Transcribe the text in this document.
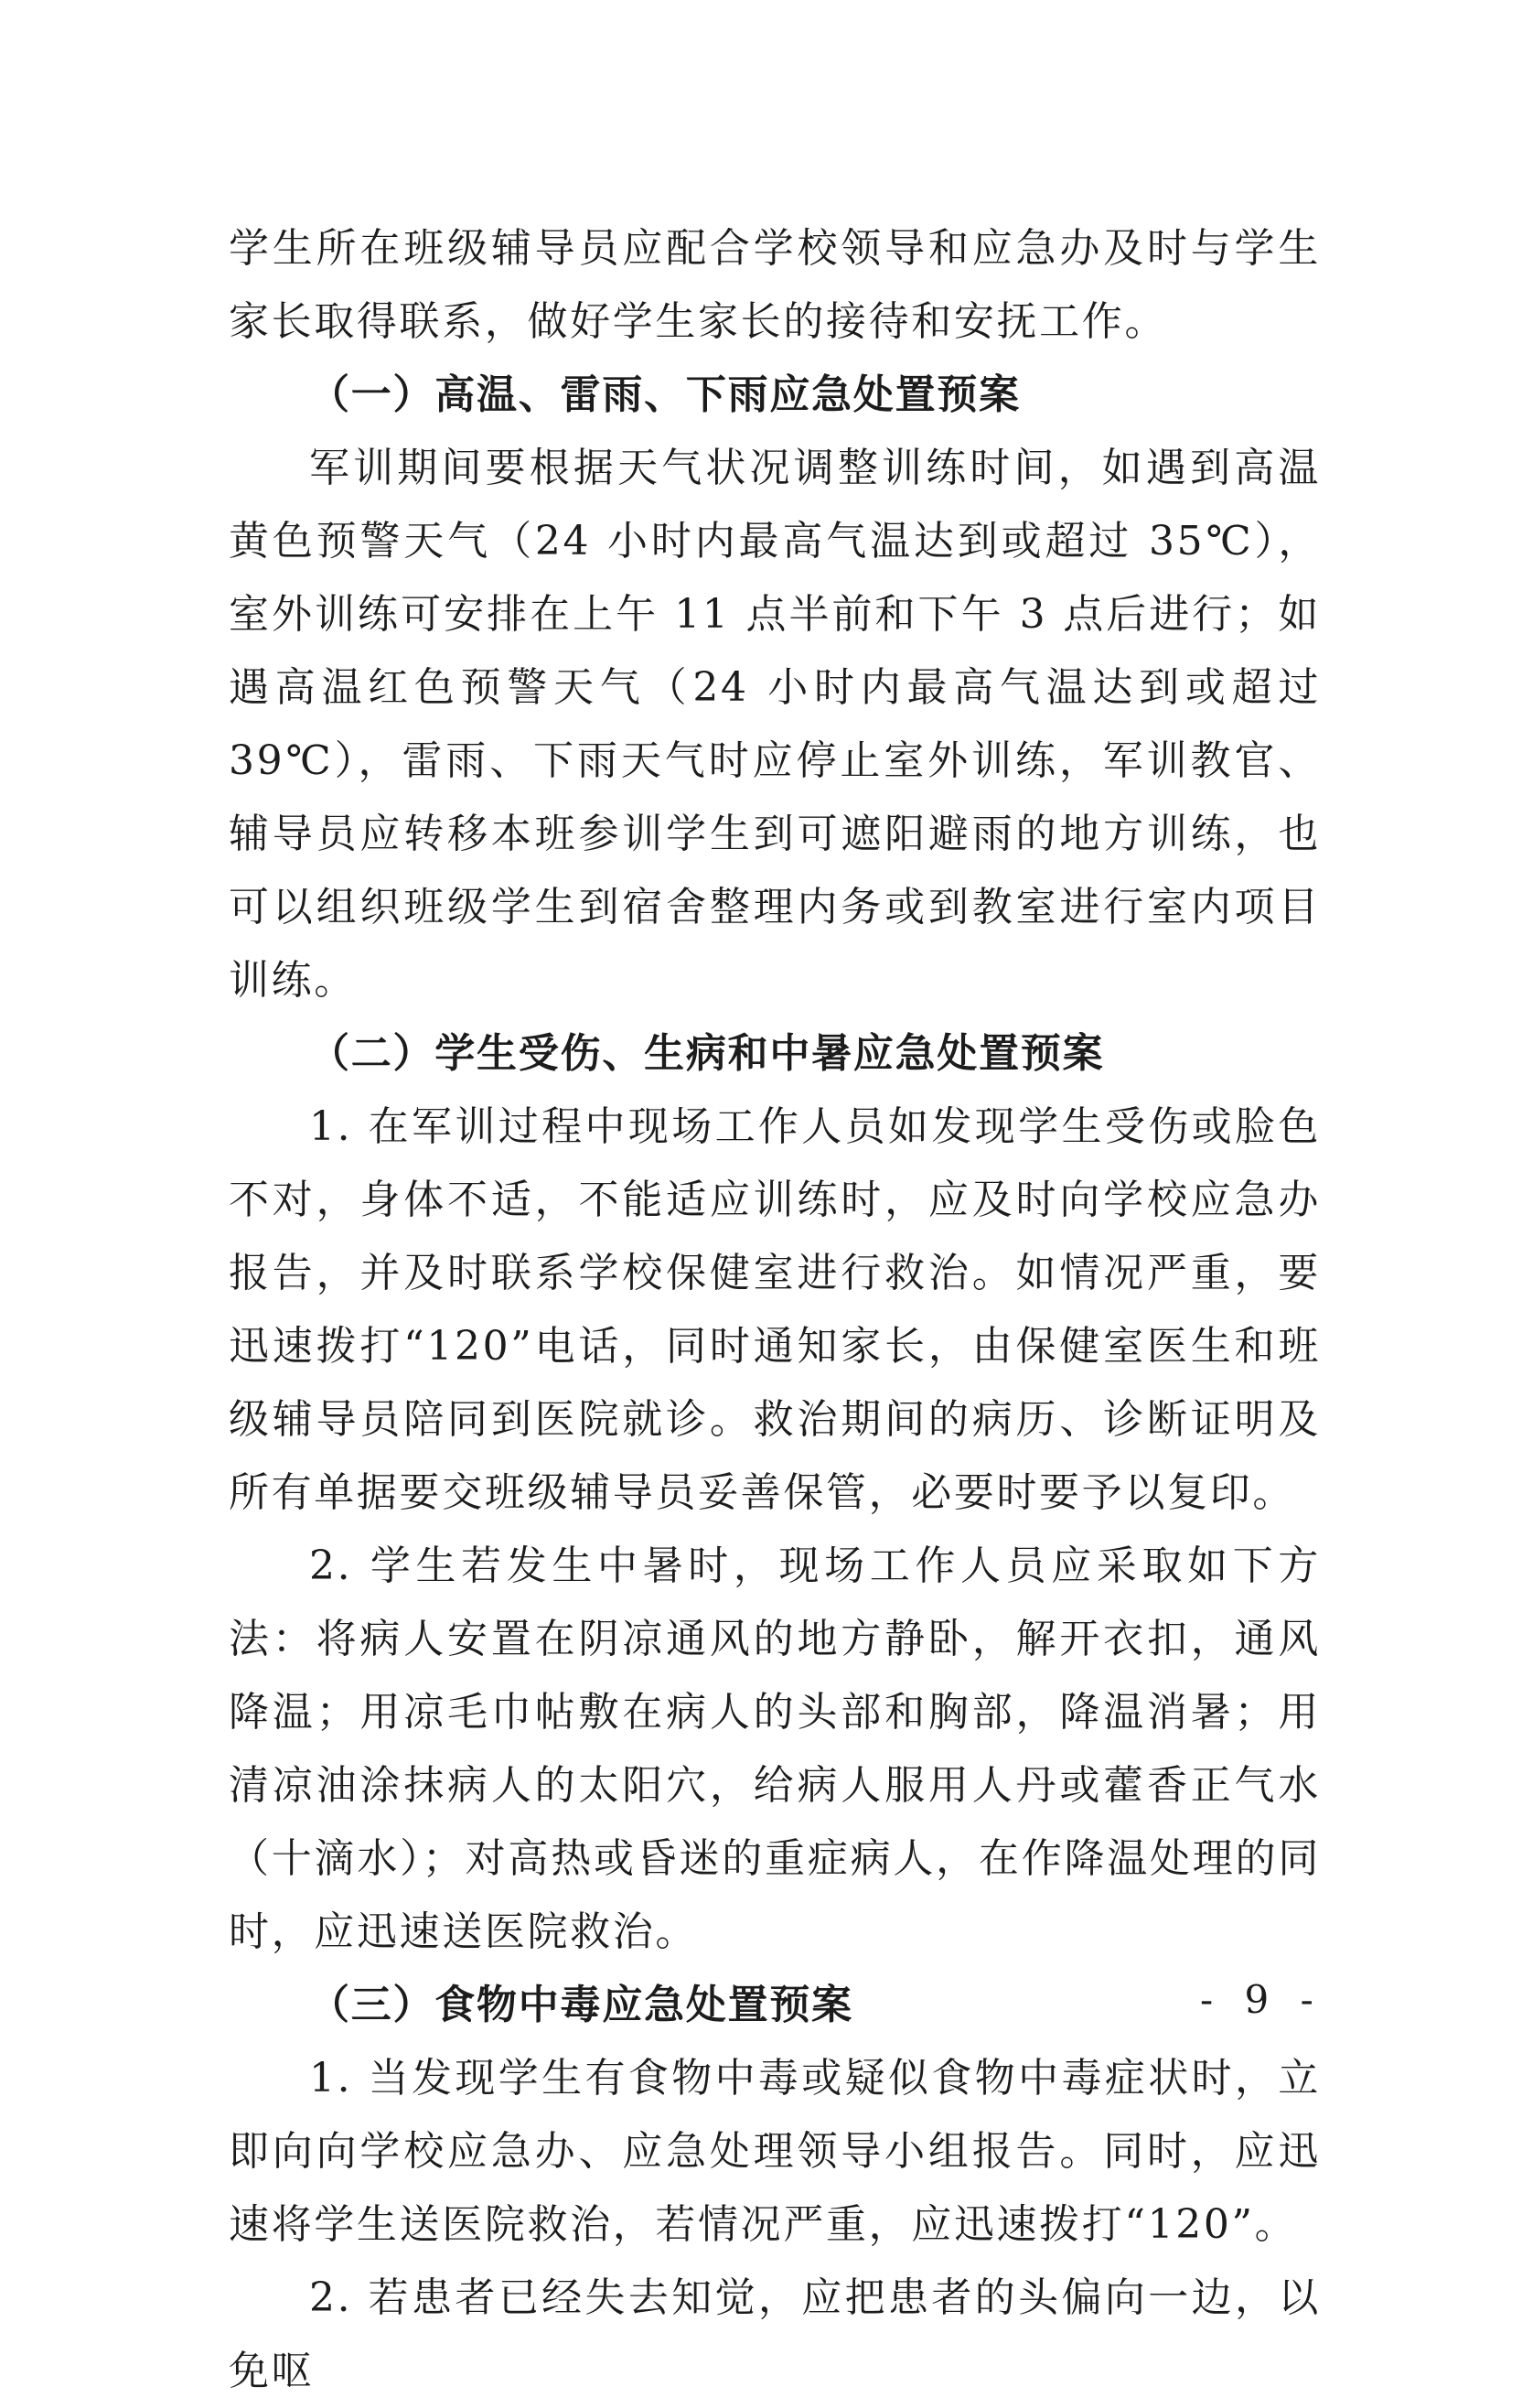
学生所在班级辅导员应配合学校领导和应急办及时与学生家长取得联系，做好学生家长的接待和安抚工作。

（一）高温、雷雨、下雨应急处置预案

军训期间要根据天气状况调整训练时间，如遇到高温黄色预警天气（24 小时内最高气温达到或超过 35℃），室外训练可安排在上午 11 点半前和下午 3 点后进行；如遇高温红色预警天气（24 小时内最高气温达到或超过 39℃），雷雨、下雨天气时应停止室外训练，军训教官、辅导员应转移本班参训学生到可遮阳避雨的地方训练，也可以组织班级学生到宿舍整理内务或到教室进行室内项目训练。

（二）学生受伤、生病和中暑应急处置预案

1. 在军训过程中现场工作人员如发现学生受伤或脸色不对，身体不适，不能适应训练时，应及时向学校应急办报告，并及时联系学校保健室进行救治。如情况严重，要迅速拨打“120”电话，同时通知家长，由保健室医生和班级辅导员陪同到医院就诊。救治期间的病历、诊断证明及所有单据要交班级辅导员妥善保管，必要时要予以复印。

2. 学生若发生中暑时，现场工作人员应采取如下方法：将病人安置在阴凉通风的地方静卧，解开衣扣，通风降温；用凉毛巾帖敷在病人的头部和胸部，降温消暑；用清凉油涂抹病人的太阳穴，给病人服用人丹或藿香正气水（十滴水）；对高热或昏迷的重症病人，在作降温处理的同时，应迅速送医院救治。

（三）食物中毒应急处置预案

1. 当发现学生有食物中毒或疑似食物中毒症状时，立即向向学校应急办、应急处理领导小组报告。同时，应迅速将学生送医院救治，若情况严重，应迅速拨打“120”。

2. 若患者已经失去知觉，应把患者的头偏向一边，以免呕

- 9 -
